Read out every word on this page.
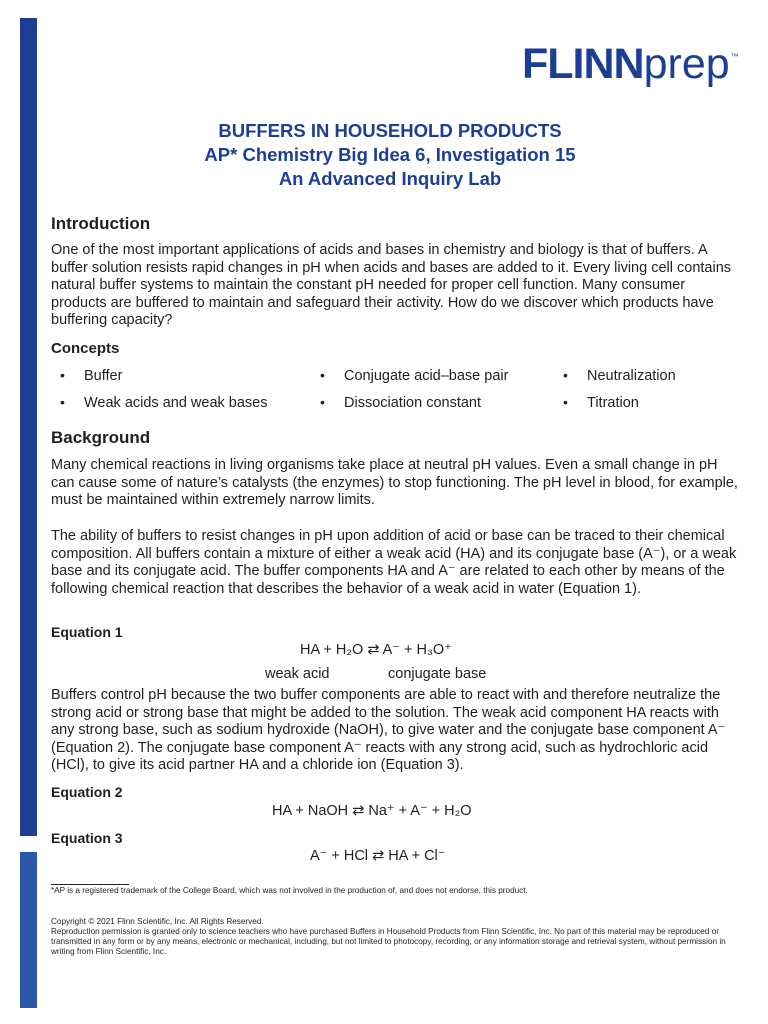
FLINN prep ™
BUFFERS IN HOUSEHOLD PRODUCTS
AP* Chemistry Big Idea 6, Investigation 15
An Advanced Inquiry Lab
Introduction
One of the most important applications of acids and bases in chemistry and biology is that of buffers. A buffer solution resists rapid changes in pH when acids and bases are added to it. Every living cell contains natural buffer systems to maintain the constant pH needed for proper cell function. Many consumer products are buffered to maintain and safeguard their activity. How do we discover which products have buffering capacity?
Concepts
• Buffer	• Conjugate acid–base pair	• Neutralization
• Weak acids and weak bases	• Dissociation constant	• Titration
Background
Many chemical reactions in living organisms take place at neutral pH values. Even a small change in pH can cause some of nature’s catalysts (the enzymes) to stop functioning. The pH level in blood, for example, must be maintained within extremely narrow limits.
The ability of buffers to resist changes in pH upon addition of acid or base can be traced to their chemical composition. All buffers contain a mixture of either a weak acid (HA) and its conjugate base (A⁻), or a weak base and its conjugate acid. The buffer components HA and A⁻ are related to each other by means of the following chemical reaction that describes the behavior of a weak acid in water (Equation 1).
Equation 1
HA + H₂O ⇄ A⁻ + H₃O⁺
weak acid	conjugate base
Buffers control pH because the two buffer components are able to react with and therefore neutralize the strong acid or strong base that might be added to the solution. The weak acid component HA reacts with any strong base, such as sodium hydroxide (NaOH), to give water and the conjugate base component A⁻ (Equation 2). The conjugate base component A⁻ reacts with any strong acid, such as hydrochloric acid (HCl), to give its acid partner HA and a chloride ion (Equation 3).
Equation 2
HA + NaOH ⇄ Na⁺ + A⁻ + H₂O
Equation 3
A⁻ + HCl ⇄ HA + Cl⁻
*AP is a registered trademark of the College Board, which was not involved in the production of, and does not endorse, this product.
Copyright © 2021 Flinn Scientific, Inc. All Rights Reserved.
Reproduction permission is granted only to science teachers who have purchased Buffers in Household Products from Flinn Scientific, Inc. No part of this material may be reproduced or transmitted in any form or by any means, electronic or mechanical, including, but not limited to photocopy, recording, or any information storage and retrieval system, without permission in writing from Flinn Scientific, Inc.
